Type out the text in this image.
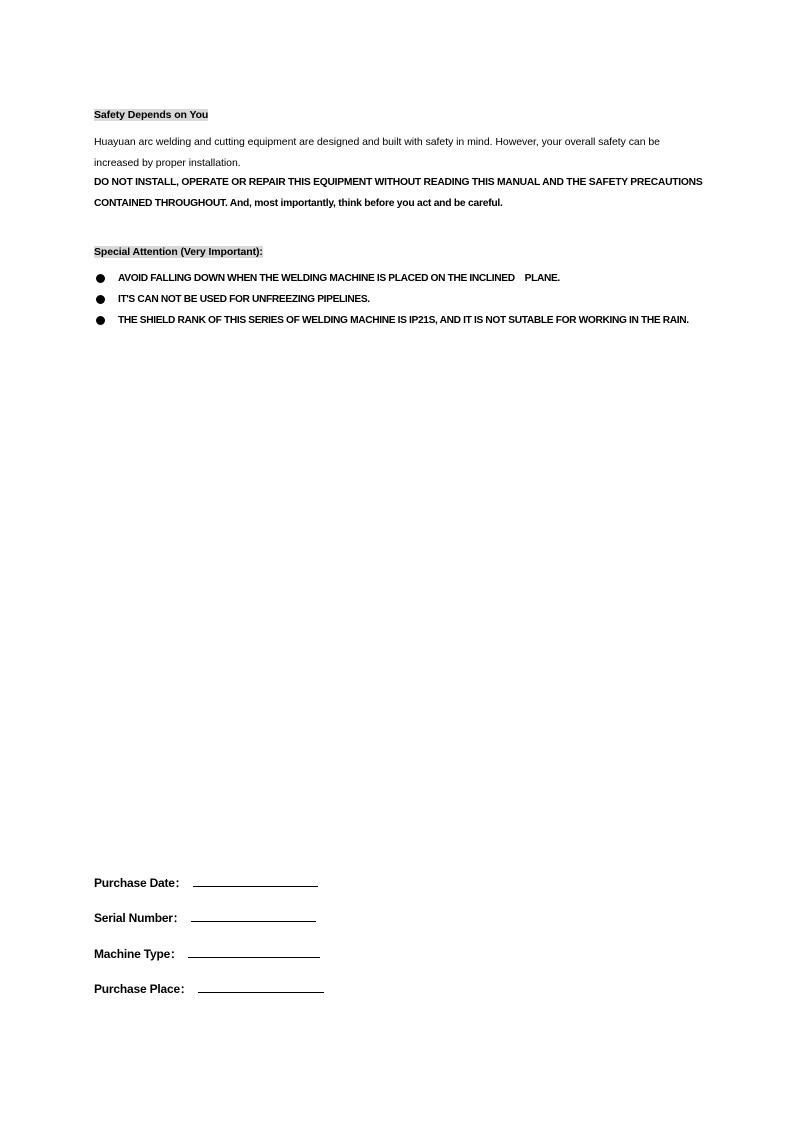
Safety Depends on You
Huayuan arc welding and cutting equipment are designed and built with safety in mind. However, your overall safety can be
increased by proper installation.
DO NOT INSTALL, OPERATE OR REPAIR THIS EQUIPMENT WITHOUT READING THIS MANUAL AND THE SAFETY PRECAUTIONS
CONTAINED THROUGHOUT. And, most importantly, think before you act and be careful.
Special Attention (Very Important):
AVOID FALLING DOWN WHEN THE WELDING MACHINE IS PLACED ON THE INCLINED    PLANE.
IT'S CAN NOT BE USED FOR UNFREEZING PIPELINES.
THE SHIELD RANK OF THIS SERIES OF WELDING MACHINE IS IP21S, AND IT IS NOT SUTABLE FOR WORKING IN THE RAIN.
Purchase Date：
Serial Number：
Machine Type：
Purchase Place：
